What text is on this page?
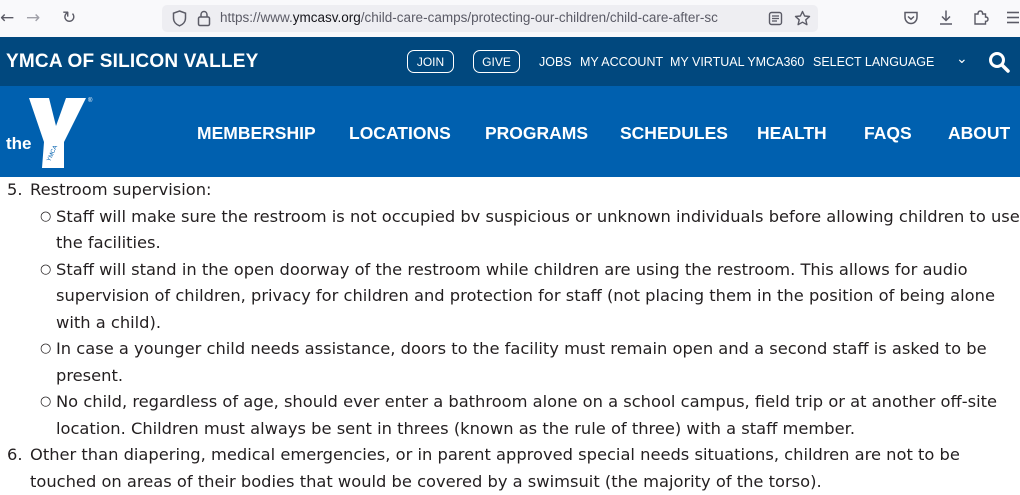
← → ↻	https://www.ymcasv.org/child-care-camps/protecting-our-children/child-care-after-sc
YMCA OF SILICON VALLEY	JOIN	GIVE	JOBS MY ACCOUNT MY VIRTUAL YMCA360 SELECT LANGUAGE ⌄
the
YMCA
®
MEMBERSHIP LOCATIONS PROGRAMS SCHEDULES HEALTH FAQS ABOUT
5. Restroom supervision:
○ Staff will make sure the restroom is not occupied bv suspicious or unknown individuals before allowing children to use the facilities.
○ Staff will stand in the open doorway of the restroom while children are using the restroom. This allows for audio supervision of children, privacy for children and protection for staff (not placing them in the position of being alone with a child).
○ In case a younger child needs assistance, doors to the facility must remain open and a second staff is asked to be present.
○ No child, regardless of age, should ever enter a bathroom alone on a school campus, field trip or at another off-site location. Children must always be sent in threes (known as the rule of three) with a staff member.
6. Other than diapering, medical emergencies, or in parent approved special needs situations, children are not to be touched on areas of their bodies that would be covered by a swimsuit (the majority of the torso).
